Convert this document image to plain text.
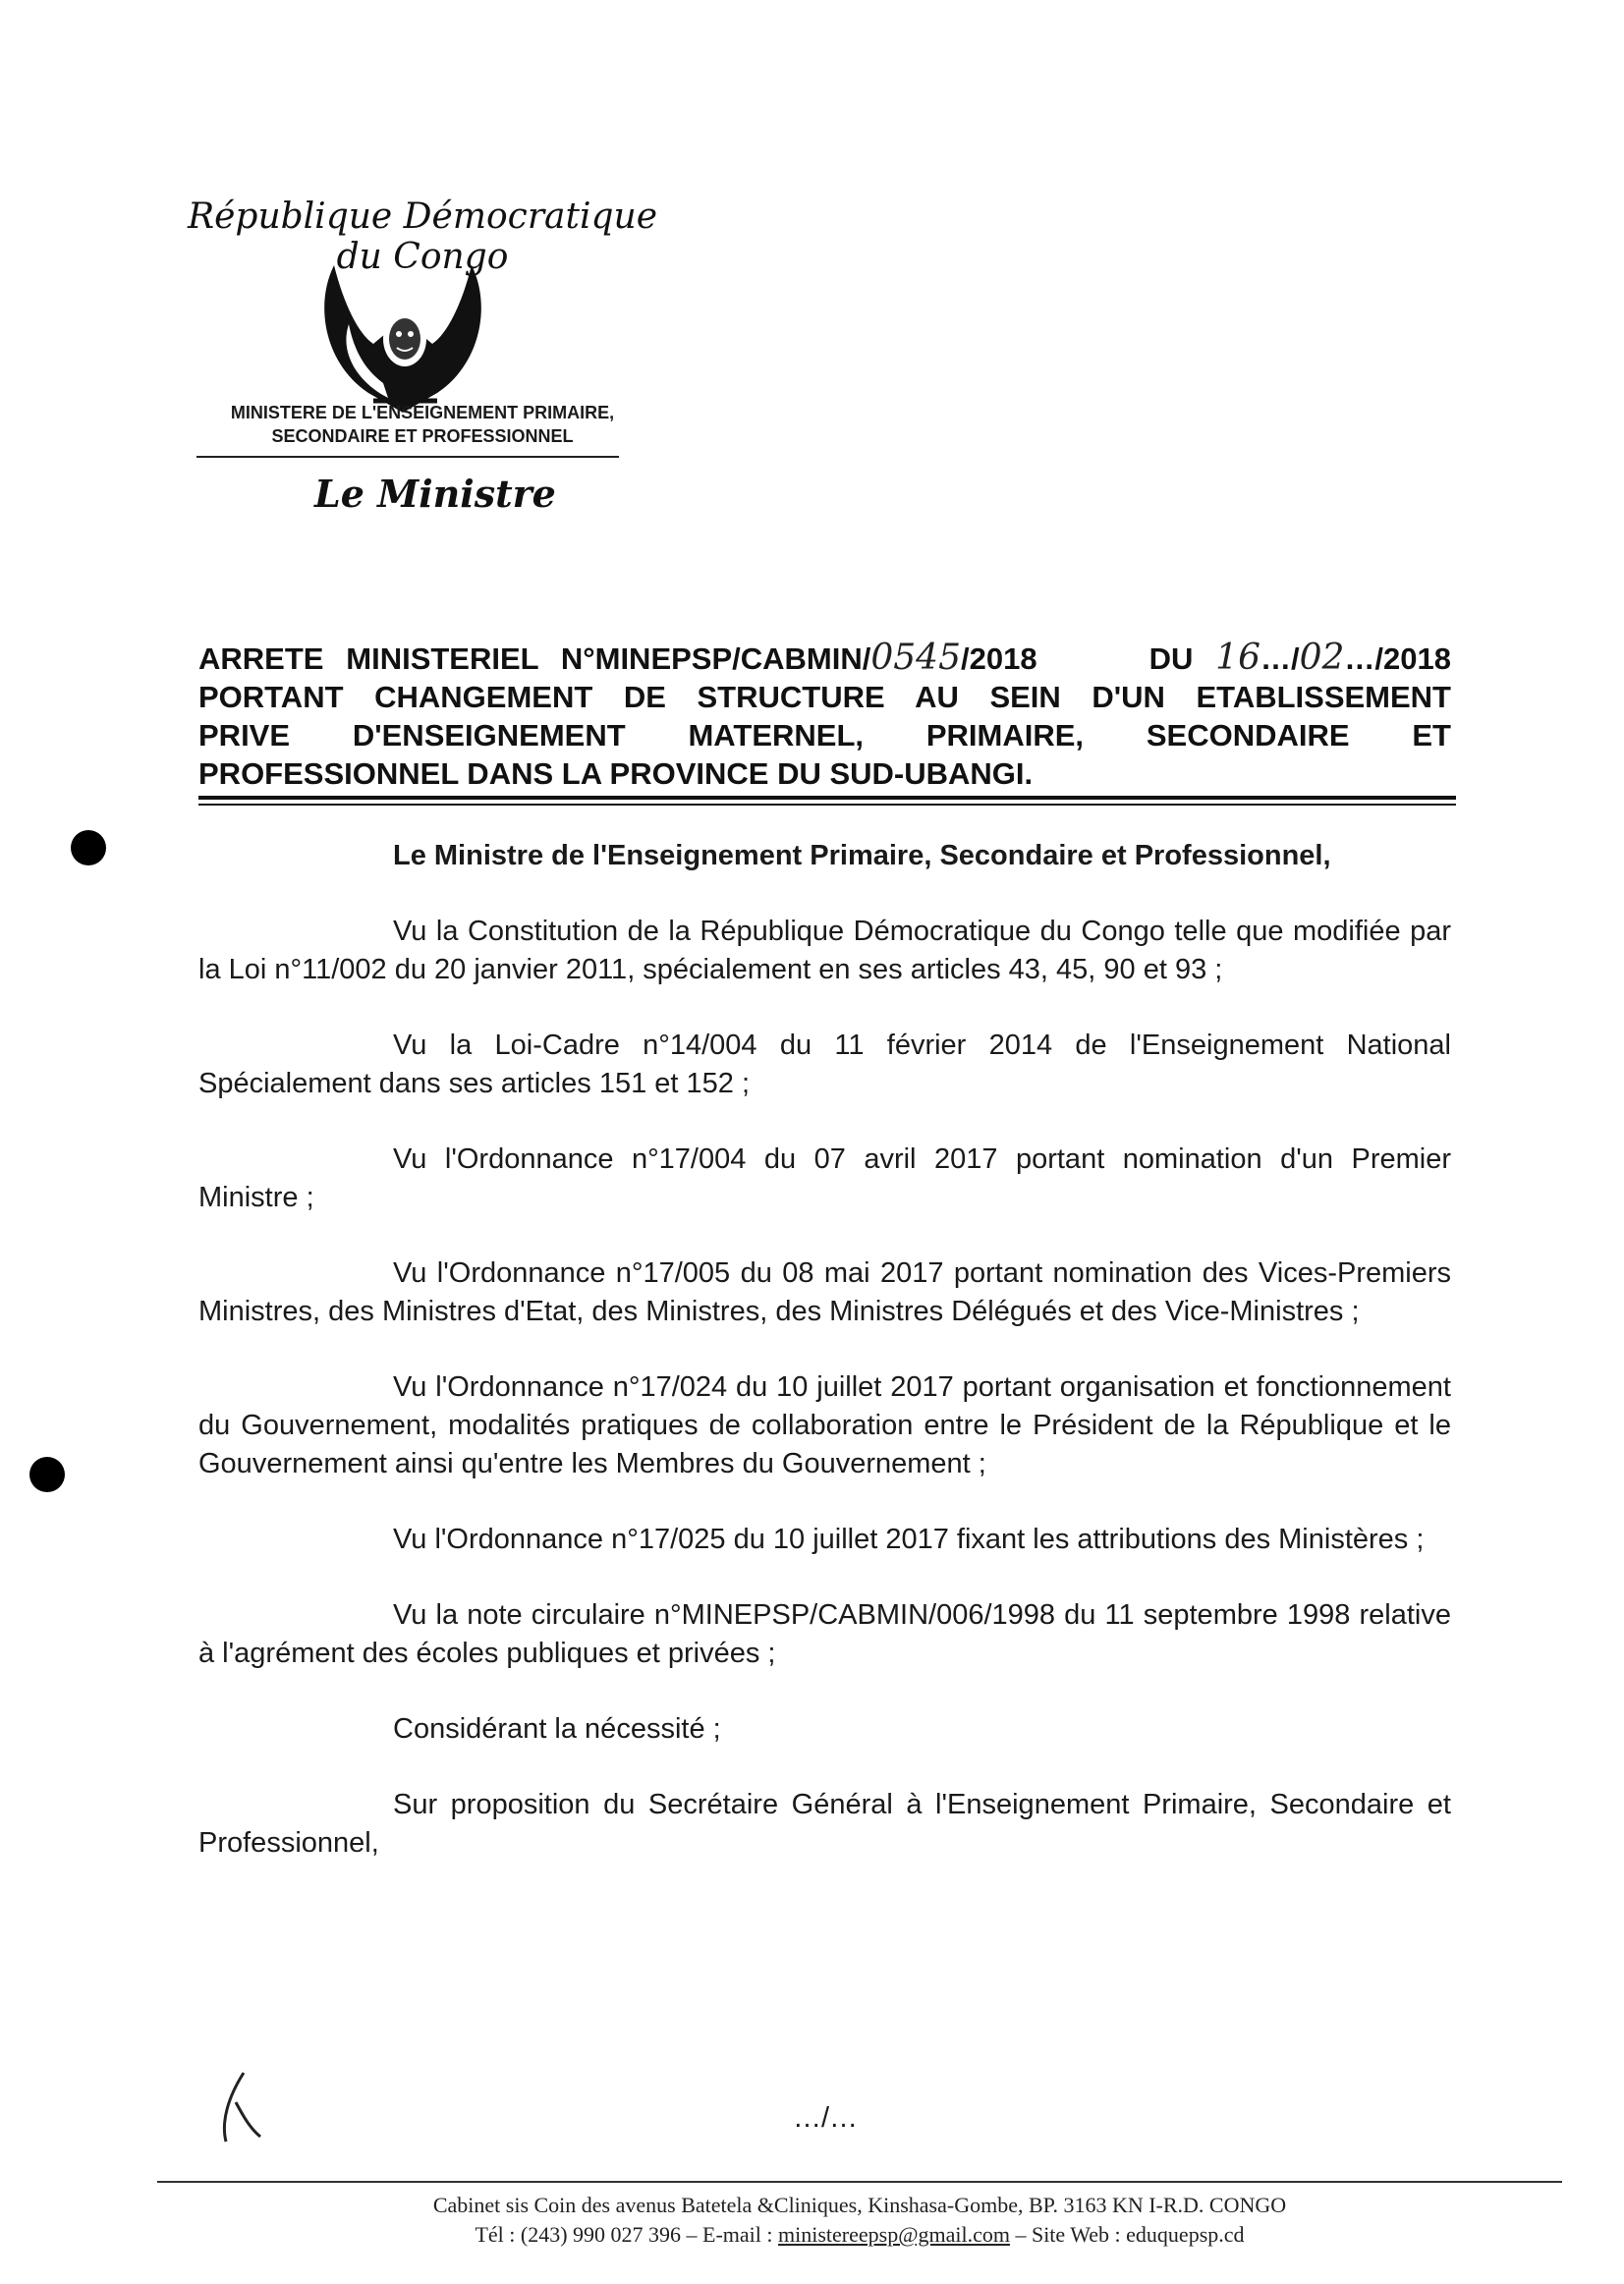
République Démocratique du Congo
MINISTERE DE L'ENSEIGNEMENT PRIMAIRE,
SECONDAIRE ET PROFESSIONNEL
Le Ministre
ARRETE MINISTERIEL N°MINEPSP/CABMIN/0545/2018	DU 16…/02…/2018
PORTANT CHANGEMENT DE STRUCTURE AU SEIN D'UN ETABLISSEMENT
PRIVE D'ENSEIGNEMENT MATERNEL, PRIMAIRE, SECONDAIRE ET
PROFESSIONNEL DANS LA PROVINCE DU SUD-UBANGI.

Le Ministre de l'Enseignement Primaire, Secondaire et Professionnel,

Vu la Constitution de la République Démocratique du Congo telle que modifiée par la Loi n°11/002 du 20 janvier 2011, spécialement en ses articles 43, 45, 90 et 93 ;

Vu la Loi-Cadre n°14/004 du 11 février 2014 de l'Enseignement National Spécialement dans ses articles 151 et 152 ;

Vu l'Ordonnance n°17/004 du 07 avril 2017 portant nomination d'un Premier Ministre ;

Vu l'Ordonnance n°17/005 du 08 mai 2017 portant nomination des Vices-Premiers Ministres, des Ministres d'Etat, des Ministres, des Ministres Délégués et des Vice-Ministres ;

Vu l'Ordonnance n°17/024 du 10 juillet 2017 portant organisation et fonctionnement du Gouvernement, modalités pratiques de collaboration entre le Président de la République et le Gouvernement ainsi qu'entre les Membres du Gouvernement ;

Vu l'Ordonnance n°17/025 du 10 juillet 2017 fixant les attributions des Ministères ;

Vu la note circulaire n°MINEPSP/CABMIN/006/1998 du 11 septembre 1998 relative à l'agrément des écoles publiques et privées ;

Considérant la nécessité ;

Sur proposition du Secrétaire Général à l'Enseignement Primaire, Secondaire et Professionnel,

…/…
Cabinet sis Coin des avenus Batetela &Cliniques, Kinshasa-Gombe, BP. 3163 KN I-R.D. CONGO
Tél : (243) 990 027 396 – E-mail : ministereepsp@gmail.com – Site Web : eduquepsp.cd
